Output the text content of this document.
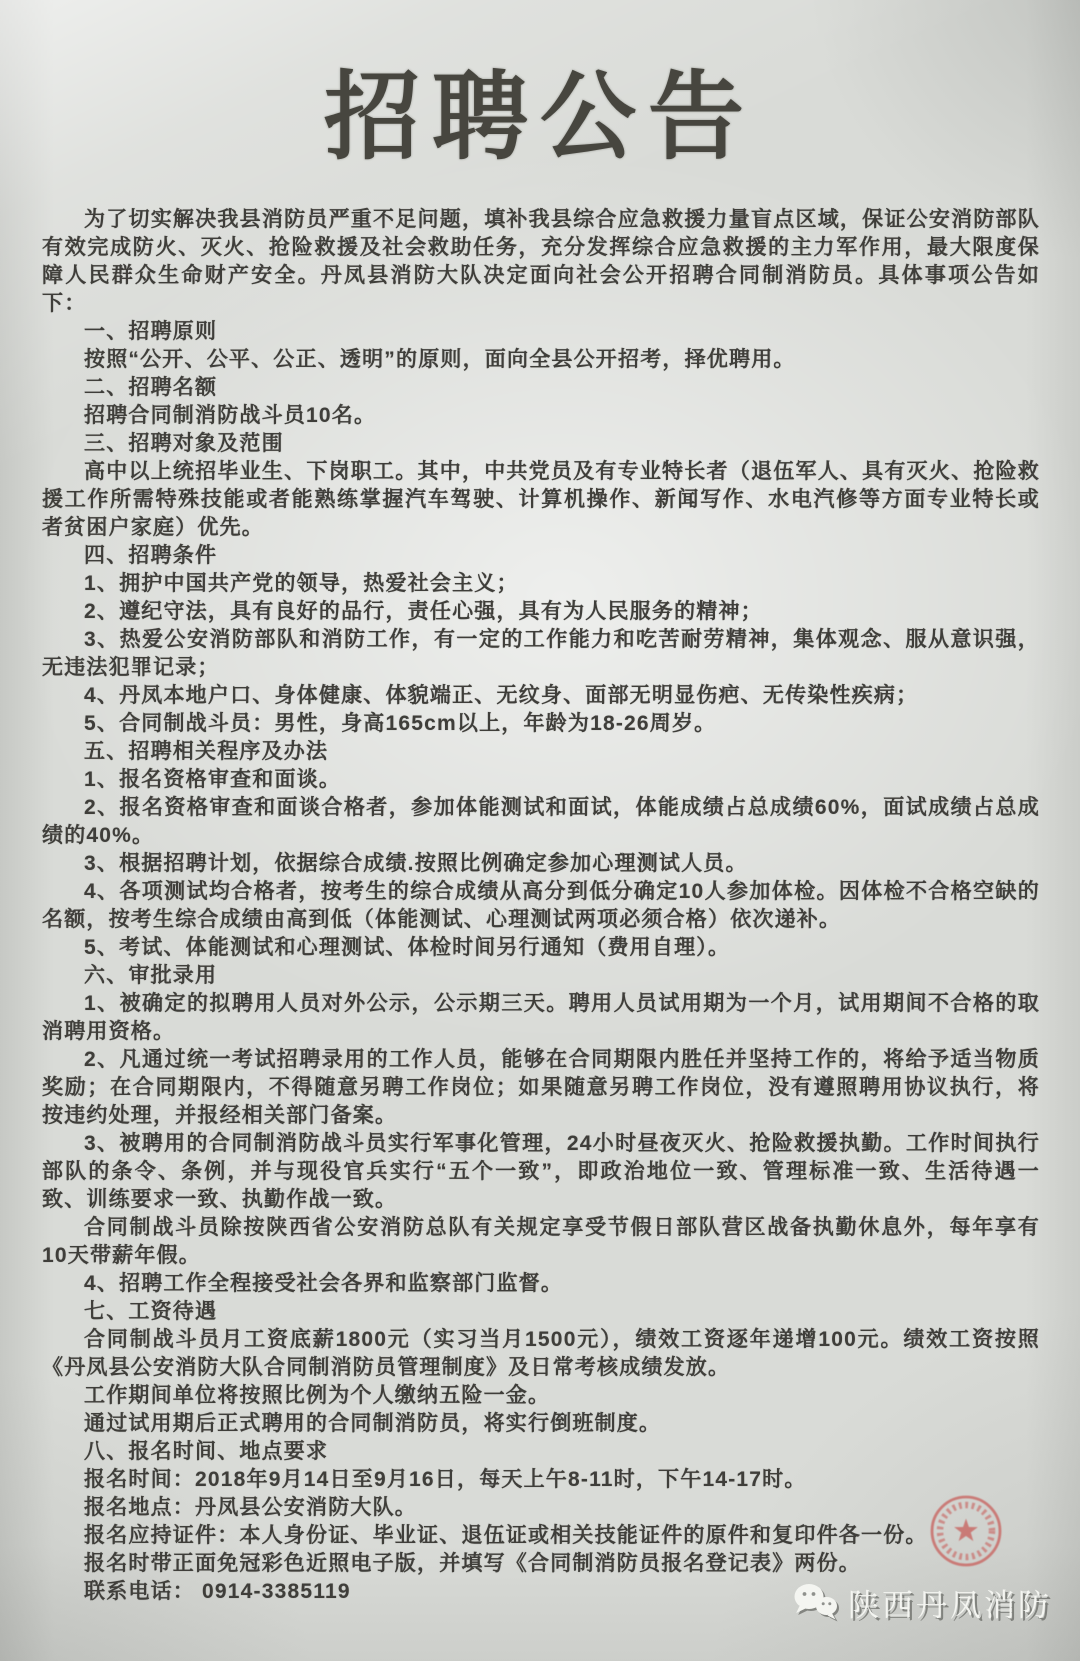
招聘公告

为了切实解决我县消防员严重不足问题，填补我县综合应急救援力量盲点区域，保证公安消防部队有效完成防火、灭火、抢险救援及社会救助任务，充分发挥综合应急救援的主力军作用，最大限度保障人民群众生命财产安全。丹凤县消防大队决定面向社会公开招聘合同制消防员。具体事项公告如下：

一、招聘原则

按照“公开、公平、公正、透明”的原则，面向全县公开招考，择优聘用。

二、招聘名额

招聘合同制消防战斗员10名。

三、招聘对象及范围

高中以上统招毕业生、下岗职工。其中，中共党员及有专业特长者（退伍军人、具有灭火、抢险救援工作所需特殊技能或者能熟练掌握汽车驾驶、计算机操作、新闻写作、水电汽修等方面专业特长或者贫困户家庭）优先。

四、招聘条件

1、拥护中国共产党的领导，热爱社会主义；

2、遵纪守法，具有良好的品行，责任心强，具有为人民服务的精神；

3、热爱公安消防部队和消防工作，有一定的工作能力和吃苦耐劳精神，集体观念、服从意识强，无违法犯罪记录；

4、丹凤本地户口、身体健康、体貌端正、无纹身、面部无明显伤疤、无传染性疾病；

5、合同制战斗员：男性，身高165cm以上，年龄为18-26周岁。

五、招聘相关程序及办法

1、报名资格审查和面谈。

2、报名资格审查和面谈合格者，参加体能测试和面试，体能成绩占总成绩60%，面试成绩占总成绩的40%。

3、根据招聘计划，依据综合成绩.按照比例确定参加心理测试人员。

4、各项测试均合格者，按考生的综合成绩从高分到低分确定10人参加体检。因体检不合格空缺的名额，按考生综合成绩由高到低（体能测试、心理测试两项必须合格）依次递补。

5、考试、体能测试和心理测试、体检时间另行通知（费用自理）。

六、审批录用

1、被确定的拟聘用人员对外公示，公示期三天。聘用人员试用期为一个月，试用期间不合格的取消聘用资格。

2、凡通过统一考试招聘录用的工作人员，能够在合同期限内胜任并坚持工作的，将给予适当物质奖励；在合同期限内，不得随意另聘工作岗位；如果随意另聘工作岗位，没有遵照聘用协议执行，将按违约处理，并报经相关部门备案。

3、被聘用的合同制消防战斗员实行军事化管理，24小时昼夜灭火、抢险救援执勤。工作时间执行部队的条令、条例，并与现役官兵实行“五个一致”，即政治地位一致、管理标准一致、生活待遇一致、训练要求一致、执勤作战一致。

合同制战斗员除按陕西省公安消防总队有关规定享受节假日部队营区战备执勤休息外，每年享有10天带薪年假。

4、招聘工作全程接受社会各界和监察部门监督。

七、工资待遇

合同制战斗员月工资底薪1800元（实习当月1500元），绩效工资逐年递增100元。绩效工资按照《丹凤县公安消防大队合同制消防员管理制度》及日常考核成绩发放。

工作期间单位将按照比例为个人缴纳五险一金。

通过试用期后正式聘用的合同制消防员，将实行倒班制度。

八、报名时间、地点要求

报名时间：2018年9月14日至9月16日，每天上午8-11时，下午14-17时。

报名地点：丹凤县公安消防大队。

报名应持证件：本人身份证、毕业证、退伍证或相关技能证件的原件和复印件各一份。

报名时带正面免冠彩色近照电子版，并填写《合同制消防员报名登记表》两份。

联系电话： 0914-3385119	陕西丹凤消防
